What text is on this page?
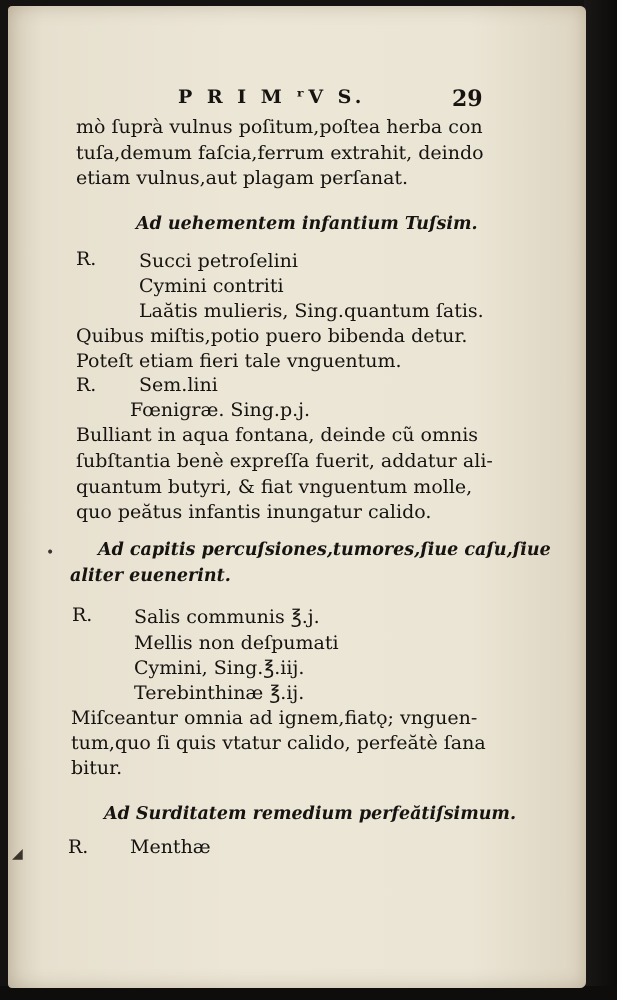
P R I M ʳV S.	29
mò ſuprà vulnus poſitum,poſtea herba con
tuſa,demum faſcia,ferrum extrahit, deindo
etiam vulnus,aut plagam perſanat.
Ad uehementem infantium Tuſsim.
R. Succi petroſelini
Cymini contriti
Laătis mulieris, Sing.quantum ſatis.
Quibus miſtis,potio puero bibenda detur.
Poteſt etiam fieri tale vnguentum.
R. Sem.lini
Fœnigræ. Sing.p.j.
Bulliant in aqua fontana, deinde cũ omnis
ſubſtantia benè expreſſa fuerit, addatur ali-
quantum butyri, & fiat vnguentum molle,
quo peătus infantis inungatur calido.
• Ad capitis percuſsiones,tumores,ſiue caſu,ſiue
aliter euenerint.
R. Salis communis ℥.j.
Mellis non deſpumati
Cymini, Sing.℥.iij.
Terebinthinæ ℥.ij.
Miſceantur omnia ad ignem,fiatǫ; vnguen-
tum,quo ſi quis vtatur calido, perfeătè ſana
bitur.
Ad Surditatem remedium perfeătiſsimum.
◢ R. Menthæ
